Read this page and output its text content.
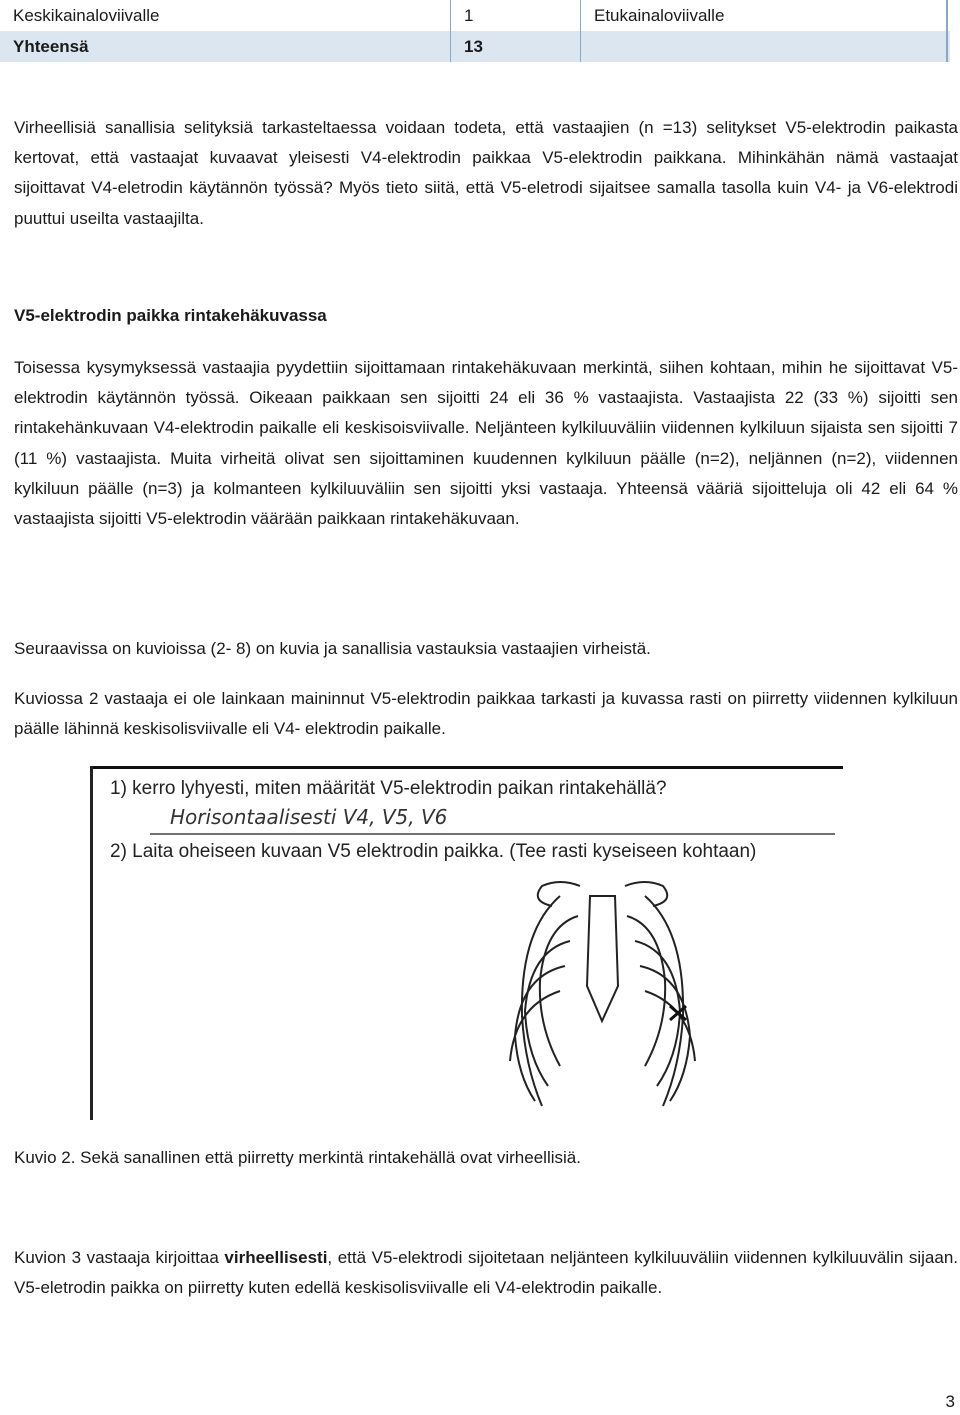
Keskikainaloviivalle	1	Etukainaloviivalle
Yhteensä	13

Virheellisiä sanallisia selityksiä tarkasteltaessa voidaan todeta, että vastaajien (n =13) selitykset V5-elektrodin paikasta kertovat, että vastaajat kuvaavat yleisesti V4-elektrodin paikkaa V5-elektrodin paikkana. Mihinkähän nämä vastaajat sijoittavat V4-eletrodin käytännön työssä? Myös tieto siitä, että V5-eletrodi sijaitsee samalla tasolla kuin V4- ja V6-elektrodi puuttui useilta vastaajilta.

V5-elektrodin paikka rintakehäkuvassa

Toisessa kysymyksessä vastaajia pyydettiin sijoittamaan rintakehäkuvaan merkintä, siihen kohtaan, mihin he sijoittavat V5-elektrodin käytännön työssä. Oikeaan paikkaan sen sijoitti 24 eli 36 % vastaajista. Vastaajista 22 (33 %) sijoitti sen rintakehänkuvaan V4-elektrodin paikalle eli keskisoisviivalle. Neljänteen kylkiluuväliin viidennen kylkiluun sijaista sen sijoitti 7 (11 %) vastaajista. Muita virheitä olivat sen sijoittaminen kuudennen kylkiluun päälle (n=2), neljännen (n=2), viidennen kylkiluun päälle (n=3) ja kolmanteen kylkiluuväliin sen sijoitti yksi vastaaja. Yhteensä vääriä sijoitteluja oli 42 eli 64 % vastaajista sijoitti V5-elektrodin väärään paikkaan rintakehäkuvaan.

Seuraavissa on kuvioissa (2- 8) on kuvia ja sanallisia vastauksia vastaajien virheistä.

Kuviossa 2 vastaaja ei ole lainkaan maininnut V5-elektrodin paikkaa tarkasti ja kuvassa rasti on piirretty viidennen kylkiluun päälle lähinnä keskisolisviivalle eli V4- elektrodin paikalle.

1) kerro lyhyesti, miten määrität V5-elektrodin paikan rintakehällä?
Horisontaalisesti V4, V5, V6
2) Laita oheiseen kuvaan V5 elektrodin paikka. (Tee rasti kyseiseen kohtaan)

Kuvio 2. Sekä sanallinen että piirretty merkintä rintakehällä ovat virheellisiä.

Kuvion 3 vastaaja kirjoittaa virheellisesti, että V5-elektrodi sijoitetaan neljänteen kylkiluuväliin viidennen kylkiluuvälin sijaan. V5-eletrodin paikka on piirretty kuten edellä keskisolisviivalle eli V4-elektrodin paikalle.

3
